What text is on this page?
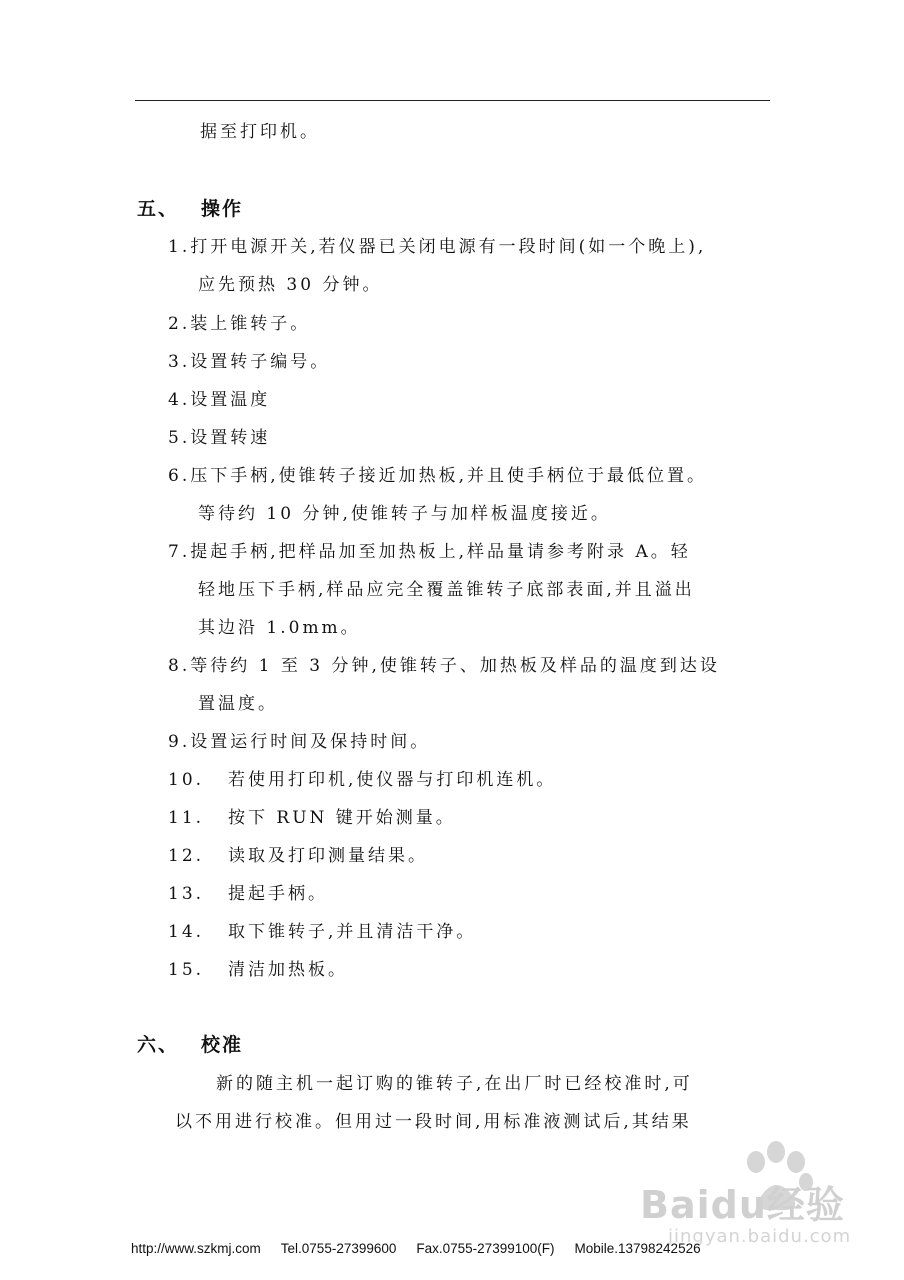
据至打印机。
五、 操作
1.打开电源开关,若仪器已关闭电源有一段时间(如一个晚上),
应先预热 30 分钟。
2.装上锥转子。
3.设置转子编号。
4.设置温度
5.设置转速
6.压下手柄,使锥转子接近加热板,并且使手柄位于最低位置。
等待约 10 分钟,使锥转子与加样板温度接近。
7.提起手柄,把样品加至加热板上,样品量请参考附录 A。轻
轻地压下手柄,样品应完全覆盖锥转子底部表面,并且溢出
其边沿 1.0mm。
8.等待约 1 至 3 分钟,使锥转子、加热板及样品的温度到达设
置温度。
9.设置运行时间及保持时间。
10. 若使用打印机,使仪器与打印机连机。
11. 按下 RUN 键开始测量。
12. 读取及打印测量结果。
13. 提起手柄。
14. 取下锥转子,并且清洁干净。
15. 清洁加热板。
六、 校准
新的随主机一起订购的锥转子,在出厂时已经校准时,可
以不用进行校准。但用过一段时间,用标准液测试后,其结果
Baidu经验
jingyan.baidu.com
http://www.szkmj.com Tel.0755-27399600 Fax.0755-27399100(F) Mobile.13798242526
